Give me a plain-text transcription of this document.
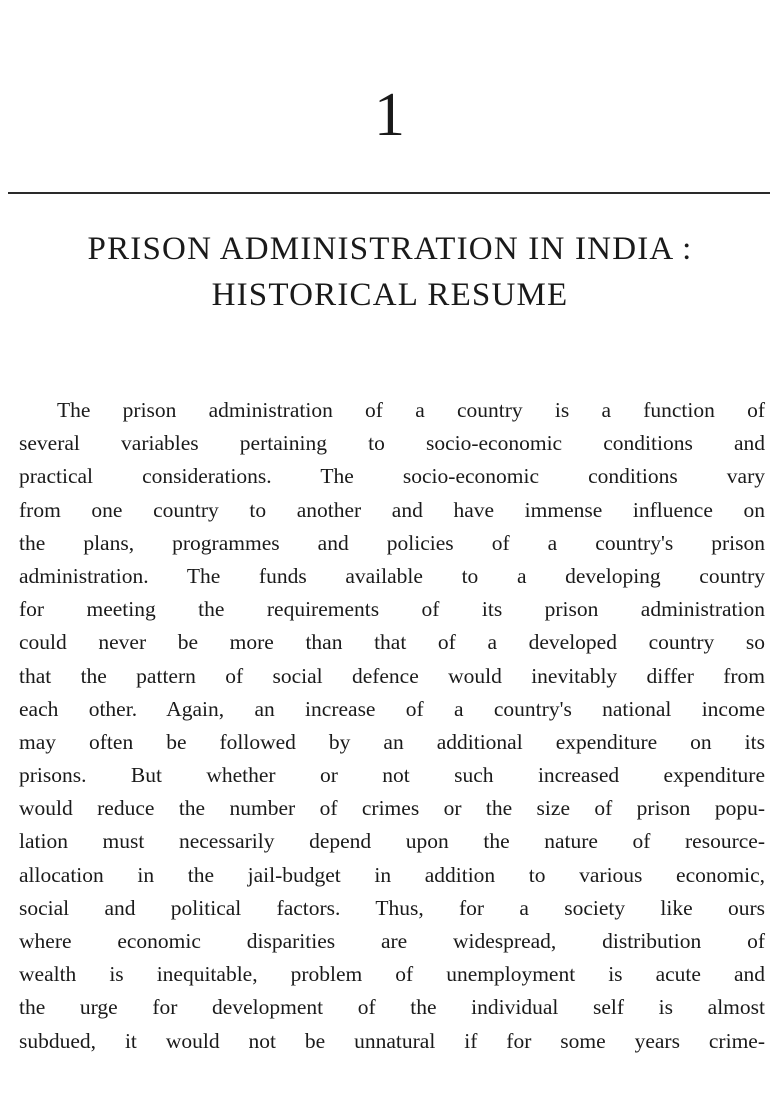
1
PRISON ADMINISTRATION IN INDIA :
HISTORICAL RESUME
The prison administration of a country is a function of
several variables pertaining to socio-economic conditions and
practical considerations. The socio-economic conditions vary
from one country to another and have immense influence on
the plans, programmes and policies of a country's prison
administration. The funds available to a developing country
for meeting the requirements of its prison administration
could never be more than that of a developed country so
that the pattern of social defence would inevitably differ from
each other. Again, an increase of a country's national income
may often be followed by an additional expenditure on its
prisons. But whether or not such increased expenditure
would reduce the number of crimes or the size of prison popu-
lation must necessarily depend upon the nature of resource-
allocation in the jail-budget in addition to various economic,
social and political factors. Thus, for a society like ours
where economic disparities are widespread, distribution of
wealth is inequitable, problem of unemployment is acute and
the urge for development of the individual self is almost
subdued, it would not be unnatural if for some years crime-
